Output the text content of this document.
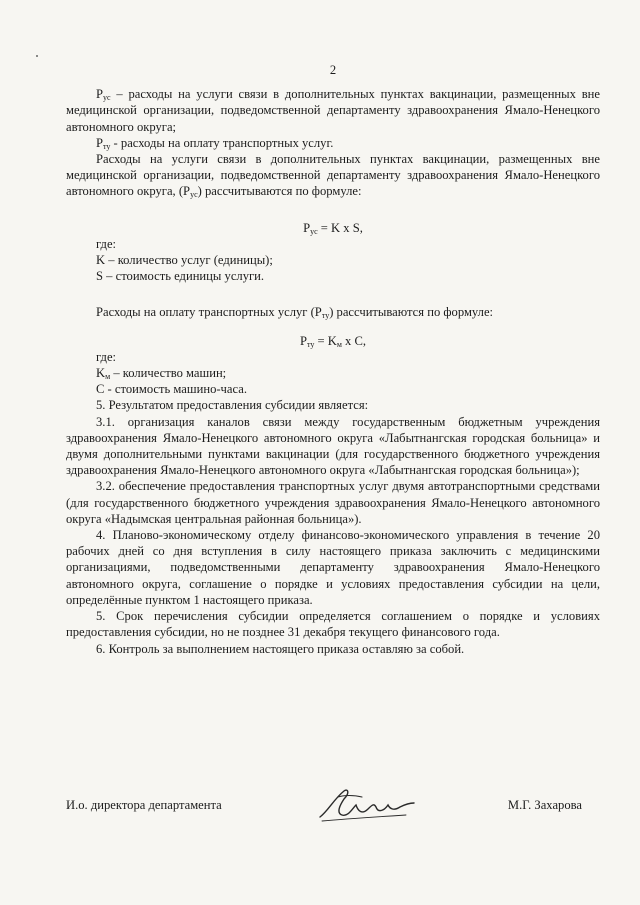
2

$Р_{ус}$ – расходы на услуги связи в дополнительных пунктах вакцинации, размещенных вне медицинской организации, подведомственной департаменту здравоохранения Ямало-Ненецкого автономного округа;

$Р_{ту}$ - расходы на оплату транспортных услуг.

Расходы на услуги связи в дополнительных пунктах вакцинации, размещенных вне медицинской организации, подведомственной департаменту здравоохранения Ямало-Ненецкого автономного округа, $(Р_{ус})$ рассчитываются по формуле:

$Р_{ус} = K$ x S,

где:

K – количество услуг (единицы);

S – стоимость единицы услуги.

Расходы на оплату транспортных услуг $(Р_{ту})$ рассчитываются по формуле:

$Р_{ту} = K_м$ x С,

где:

$K_м$ – количество машин;

С - стоимость машино-часа.

5. Результатом предоставления субсидии является:

3.1. организация каналов связи между государственным бюджетным учреждения здравоохранения Ямало-Ненецкого автономного округа «Лабытнангская городская больница» и двумя дополнительными пунктами вакцинации (для государственного бюджетного учреждения здравоохранения Ямало-Ненецкого автономного округа «Лабытнангская городская больница»);

3.2. обеспечение предоставления транспортных услуг двумя автотранспортными средствами (для государственного бюджетного учреждения здравоохранения Ямало-Ненецкого автономного округа «Надымская центральная районная больница»).

4. Планово-экономическому отделу финансово-экономического управления в течение 20 рабочих дней со дня вступления в силу настоящего приказа заключить с медицинскими организациями, подведомственными департаменту здравоохранения Ямало-Ненецкого автономного округа, соглашение о порядке и условиях предоставления субсидии на цели, определённые пунктом 1 настоящего приказа.

5. Срок перечисления субсидии определяется соглашением о порядке и условиях предоставления субсидии, но не позднее 31 декабря текущего финансового года.

6. Контроль за выполнением настоящего приказа оставляю за собой.

И.о. директора департамента	М.Г. Захарова
